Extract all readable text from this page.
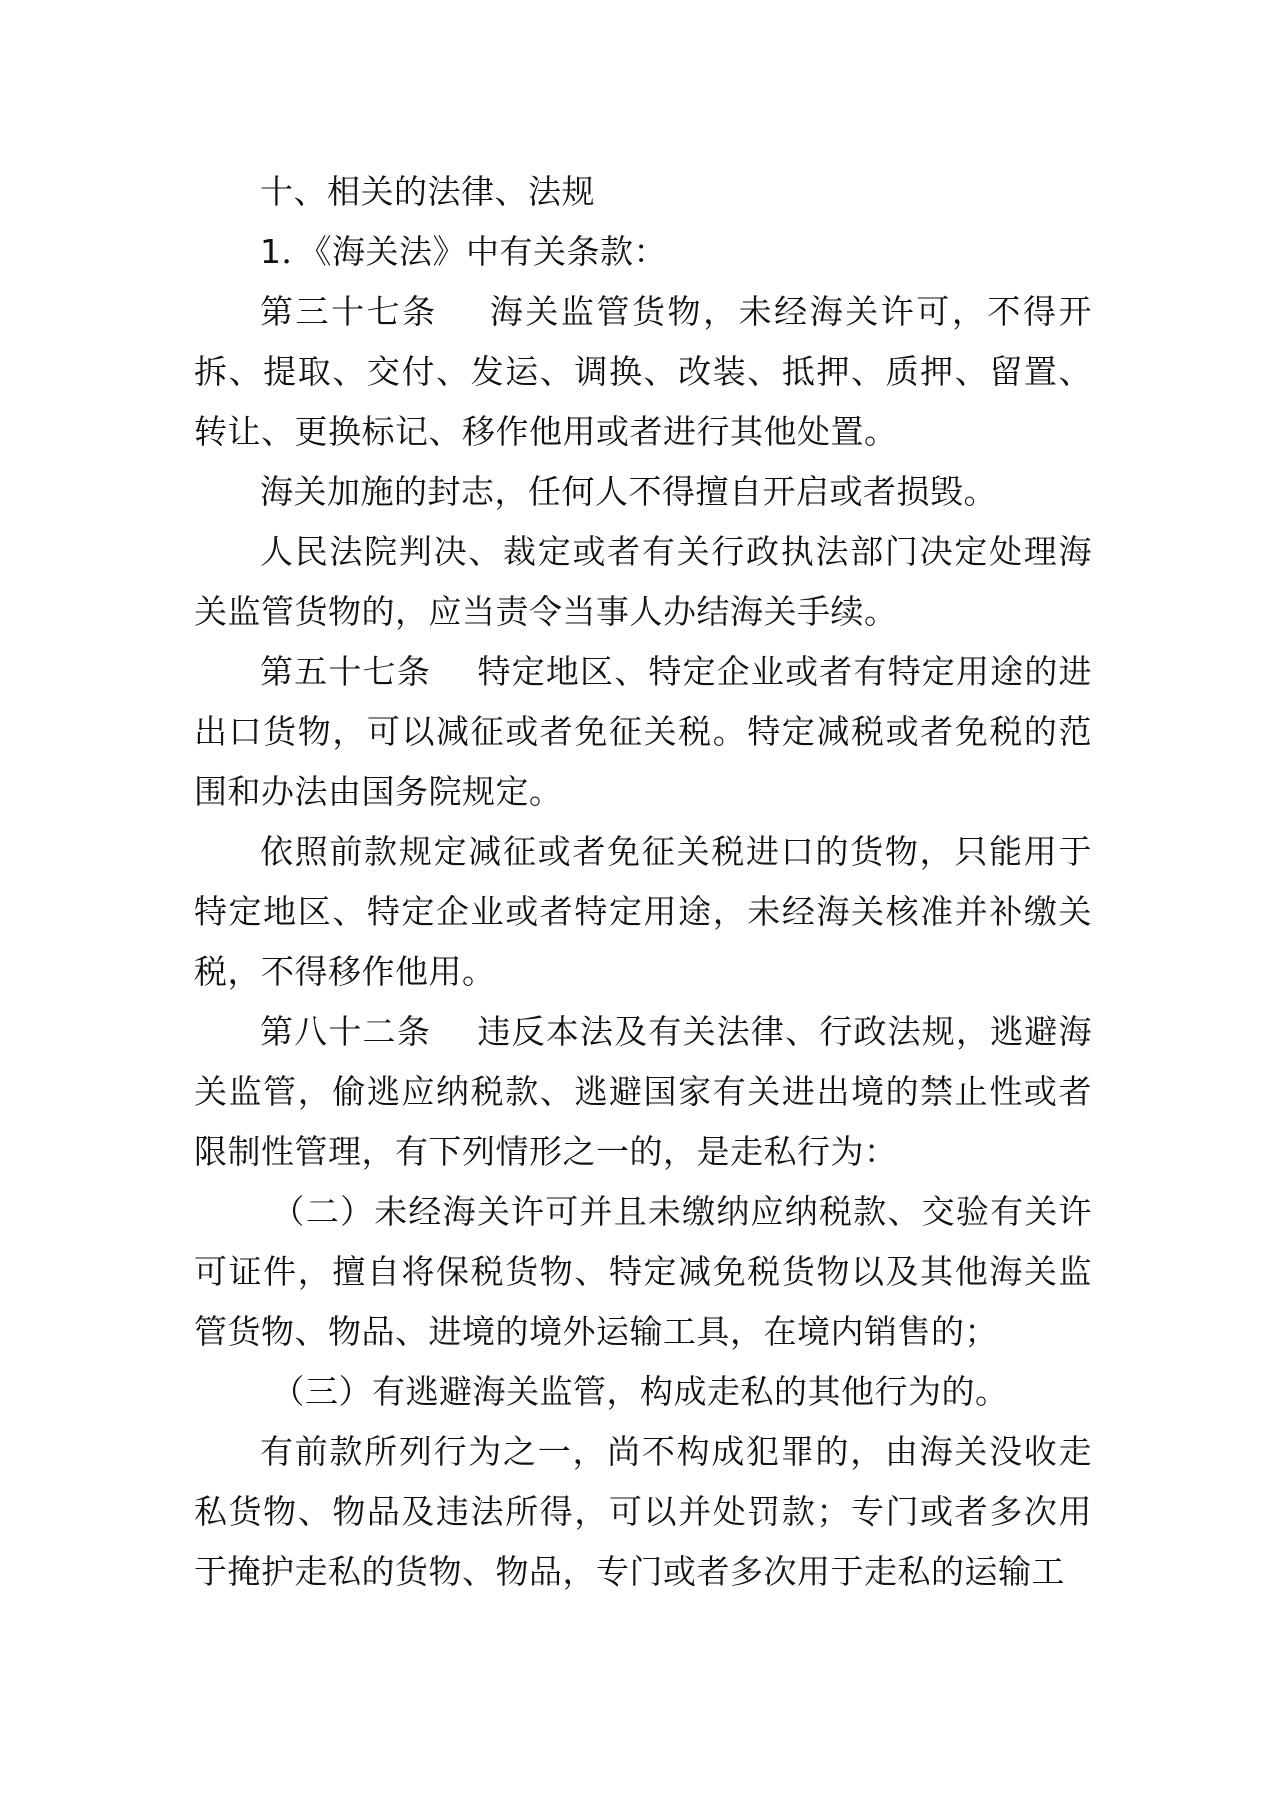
十、相关的法律、法规

1．《海关法》中有关条款：

第三十七条 海关监管货物，未经海关许可，不得开拆、提取、交付、发运、调换、改装、抵押、质押、留置、转让、更换标记、移作他用或者进行其他处置。

海关加施的封志，任何人不得擅自开启或者损毁。

人民法院判决、裁定或者有关行政执法部门决定处理海关监管货物的，应当责令当事人办结海关手续。

第五十七条 特定地区、特定企业或者有特定用途的进出口货物，可以减征或者免征关税。特定减税或者免税的范围和办法由国务院规定。

依照前款规定减征或者免征关税进口的货物，只能用于特定地区、特定企业或者特定用途，未经海关核准并补缴关税，不得移作他用。

第八十二条 违反本法及有关法律、行政法规，逃避海关监管，偷逃应纳税款、逃避国家有关进出境的禁止性或者限制性管理，有下列情形之一的，是走私行为：

（二）未经海关许可并且未缴纳应纳税款、交验有关许可证件，擅自将保税货物、特定减免税货物以及其他海关监管货物、物品、进境的境外运输工具，在境内销售的；

（三）有逃避海关监管，构成走私的其他行为的。

有前款所列行为之一，尚不构成犯罪的，由海关没收走私货物、物品及违法所得，可以并处罚款；专门或者多次用于掩护走私的货物、物品，专门或者多次用于走私的运输工
